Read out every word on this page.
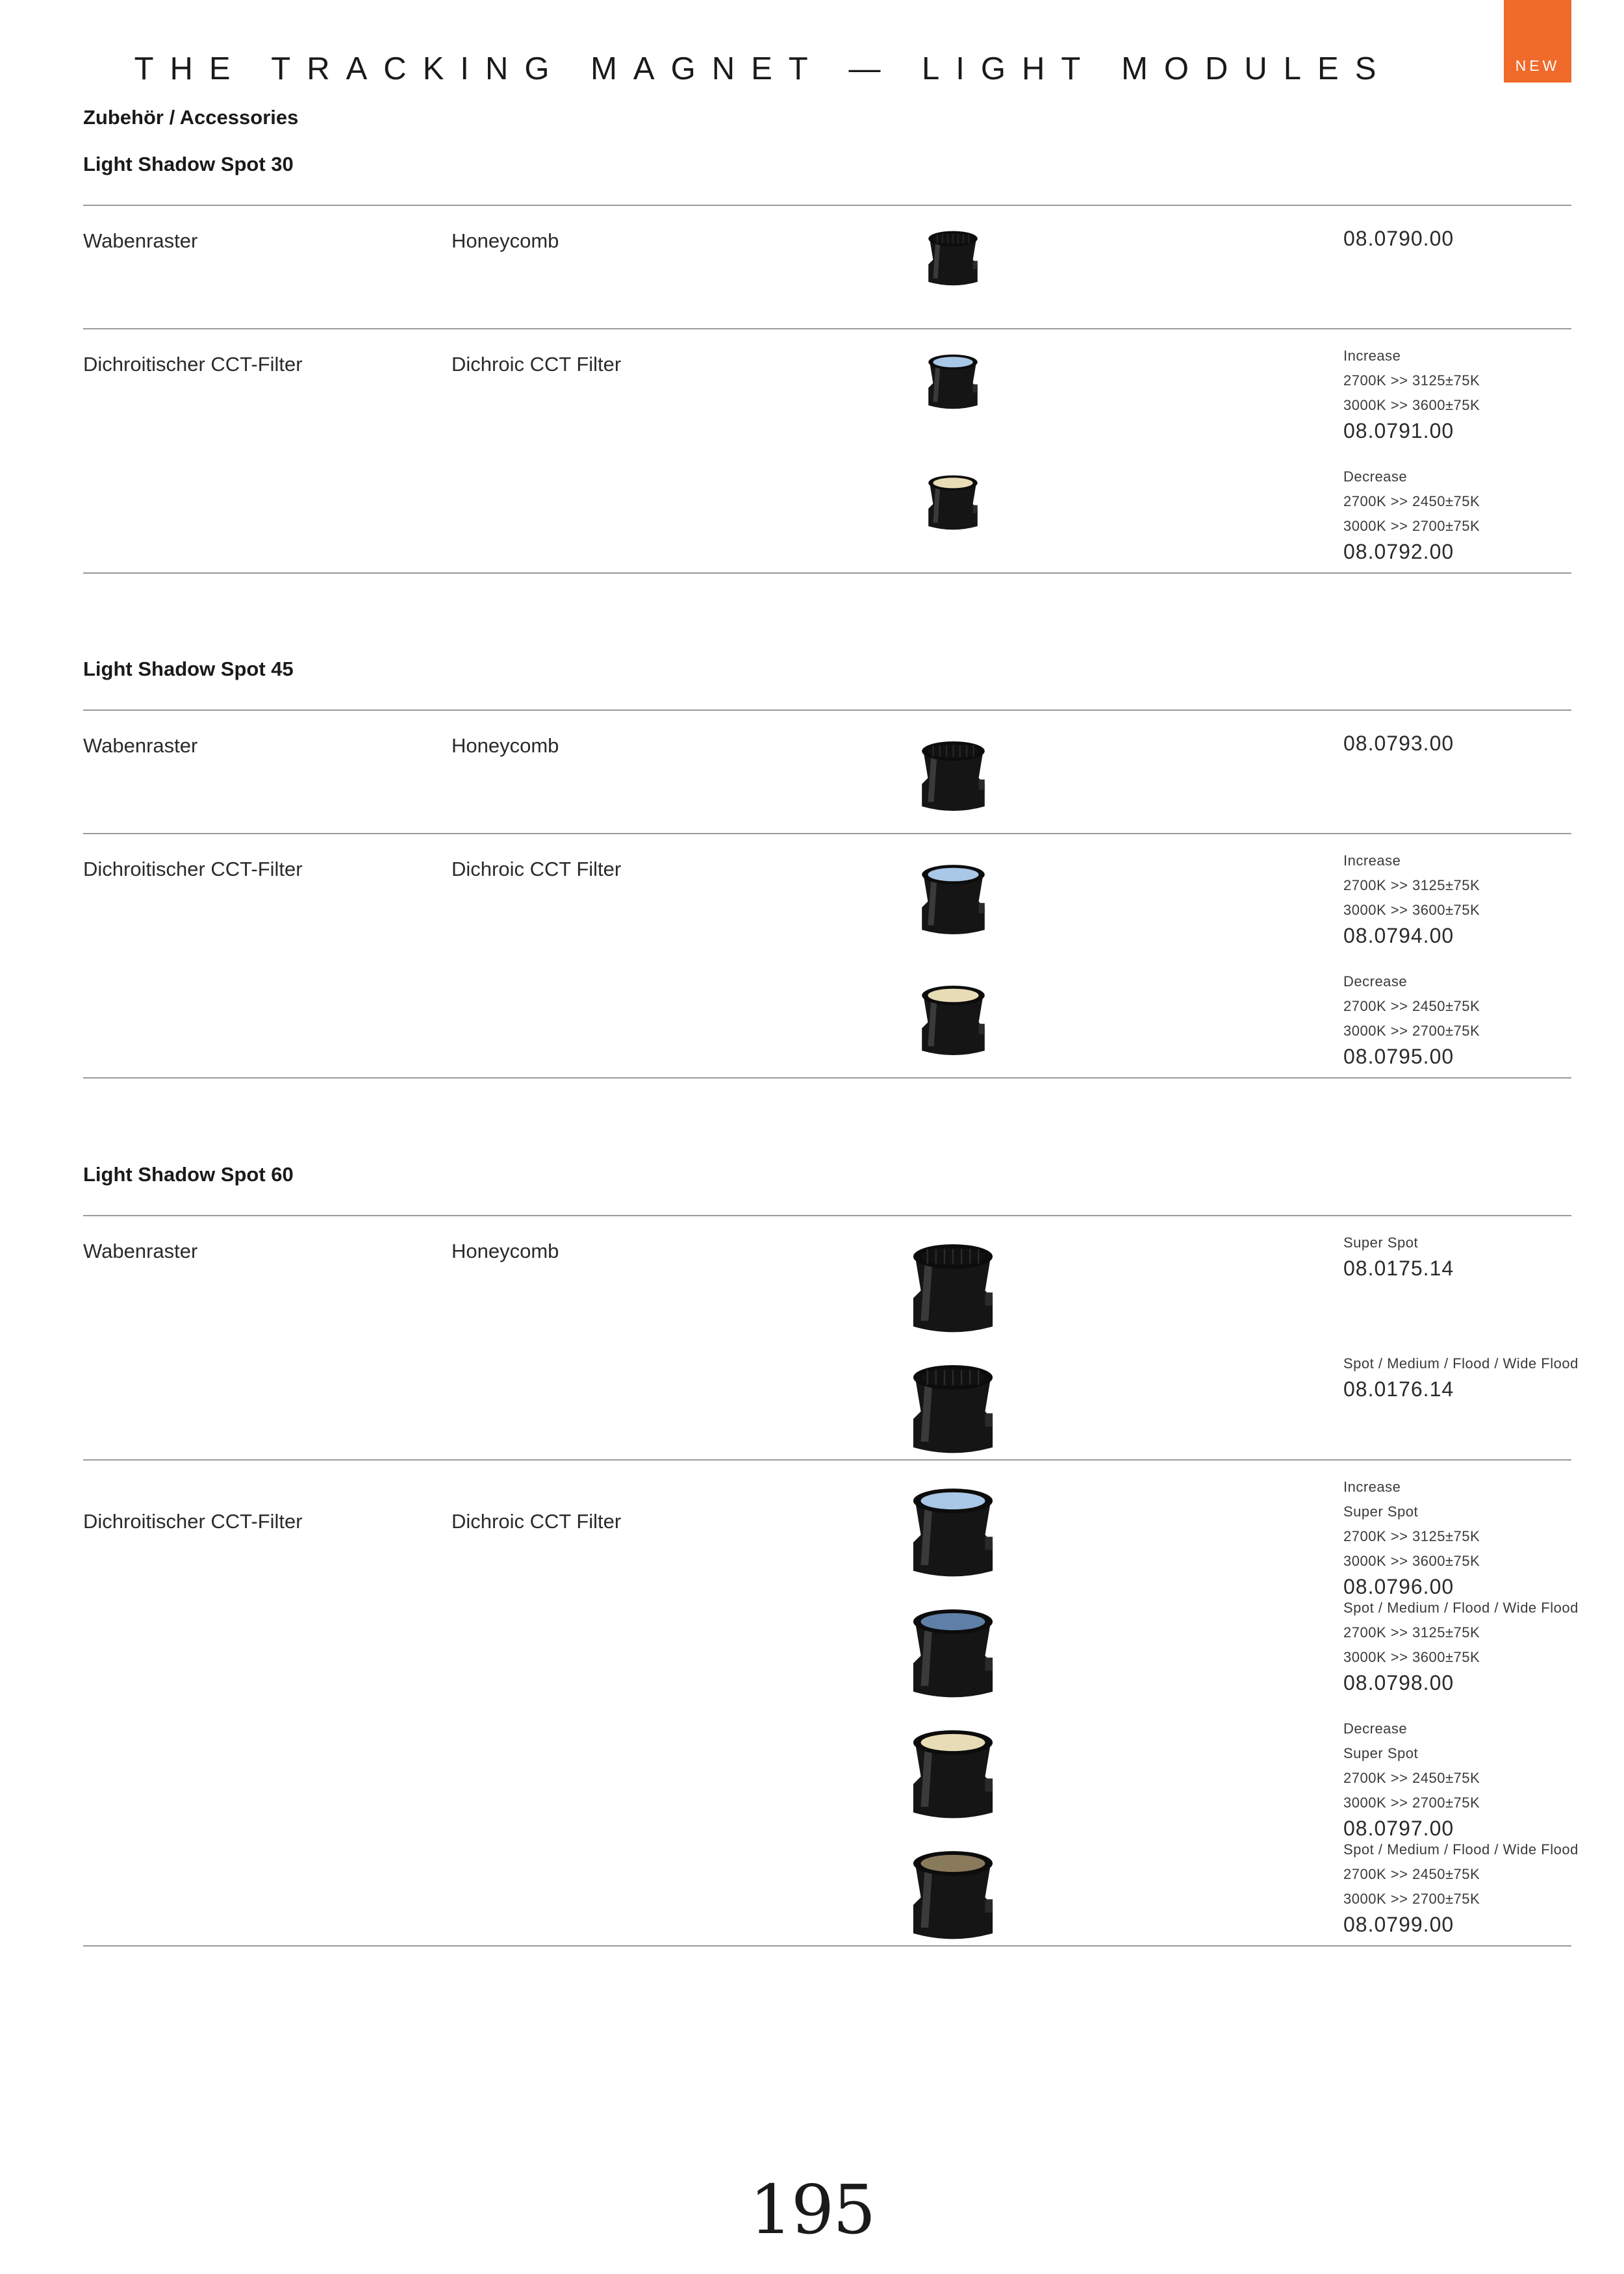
THE TRACKING MAGNET — LIGHT MODULES	NEW
Zubehör / Accessories
Light Shadow Spot 30
Wabenraster	Honeycomb	08.0790.00
Dichroitischer CCT-Filter	Dichroic CCT Filter	Increase
2700K >> 3125±75K
3000K >> 3600±75K
08.0791.00
Decrease
2700K >> 2450±75K
3000K >> 2700±75K
08.0792.00
Light Shadow Spot 45
Wabenraster	Honeycomb	08.0793.00
Dichroitischer CCT-Filter	Dichroic CCT Filter	Increase
2700K >> 3125±75K
3000K >> 3600±75K
08.0794.00
Decrease
2700K >> 2450±75K
3000K >> 2700±75K
08.0795.00
Light Shadow Spot 60
Wabenraster	Honeycomb	Super Spot
08.0175.14
Spot / Medium / Flood / Wide Flood
08.0176.14
Dichroitischer CCT-Filter	Dichroic CCT Filter
Increase
Super Spot
2700K >> 3125±75K
3000K >> 3600±75K
08.0796.00
Spot / Medium / Flood / Wide Flood
2700K >> 3125±75K
3000K >> 3600±75K
08.0798.00
Decrease
Super Spot
2700K >> 2450±75K
3000K >> 2700±75K
08.0797.00
Spot / Medium / Flood / Wide Flood
2700K >> 2450±75K
3000K >> 2700±75K
08.0799.00
195
